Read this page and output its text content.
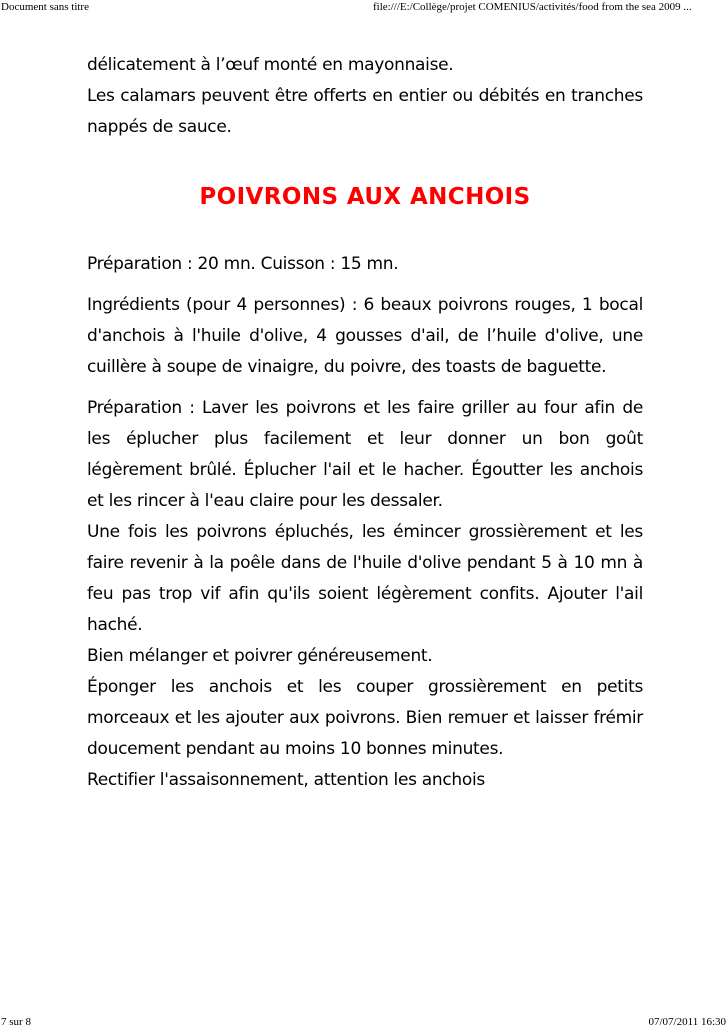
Document sans titre	file:///E:/Collège/projet COMENIUS/activités/food from the sea 2009 ...

délicatement à l’œuf monté en mayonnaise.

Les calamars peuvent être offerts en entier ou débités en tranches nappés de sauce.

POIVRONS AUX ANCHOIS

Préparation : 20 mn. Cuisson : 15 mn.

Ingrédients (pour 4 personnes) : 6 beaux poivrons rouges, 1 bocal d'anchois à l'huile d'olive, 4 gousses d'ail, de l’huile d'olive, une cuillère à soupe de vinaigre, du poivre, des toasts de baguette.

Préparation : Laver les poivrons et les faire griller au four afin de les éplucher plus facilement et leur donner un bon goût légèrement brûlé. Éplucher l'ail et le hacher. Égoutter les anchois et les rincer à l'eau claire pour les dessaler.

Une fois les poivrons épluchés, les émincer grossièrement et les faire revenir à la poêle dans de l'huile d'olive pendant 5 à 10 mn à feu pas trop vif afin qu'ils soient légèrement confits. Ajouter l'ail haché.

Bien mélanger et poivrer généreusement.

Éponger les anchois et les couper grossièrement en petits morceaux et les ajouter aux poivrons. Bien remuer et laisser frémir doucement pendant au moins 10 bonnes minutes.

Rectifier l'assaisonnement, attention les anchois

7 sur 8	07/07/2011 16:30
